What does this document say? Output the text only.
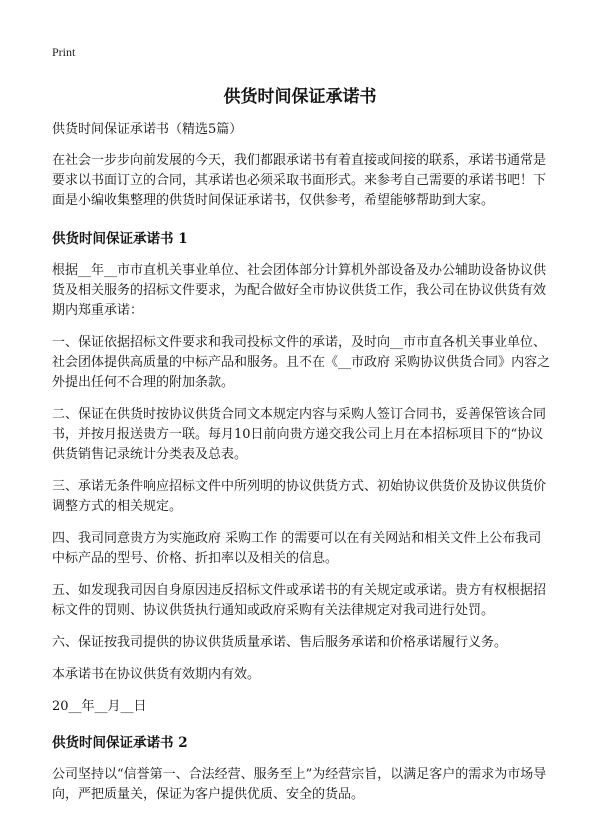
Print
供货时间保证承诺书

供货时间保证承诺书（精选5篇）

在社会一步步向前发展的今天，我们都跟承诺书有着直接或间接的联系，承诺书通常是要求以书面订立的合同，其承诺也必须采取书面形式。来参考自己需要的承诺书吧！下面是小编收集整理的供货时间保证承诺书，仅供参考，希望能够帮助到大家。

供货时间保证承诺书 1

根据__年__市市直机关事业单位、社会团体部分计算机外部设备及办公辅助设备协议供货及相关服务的招标文件要求，为配合做好全市协议供货工作，我公司在协议供货有效期内郑重承诺：

一、保证依据招标文件要求和我司投标文件的承诺，及时向__市市直各机关事业单位、社会团体提供高质量的中标产品和服务。且不在《__市政府 采购协议供货合同》内容之外提出任何不合理的附加条款。

二、保证在供货时按协议供货合同文本规定内容与采购人签订合同书，妥善保管该合同书，并按月报送贵方一联。每月10日前向贵方递交我公司上月在本招标项目下的“协议供货销售记录统计分类表及总表。

三、承诺无条件响应招标文件中所列明的协议供货方式、初始协议供货价及协议供货价调整方式的相关规定。

四、我司同意贵方为实施政府 采购工作 的需要可以在有关网站和相关文件上公布我司中标产品的型号、价格、折扣率以及相关的信息。

五、如发现我司因自身原因违反招标文件或承诺书的有关规定或承诺。贵方有权根据招标文件的罚则、协议供货执行通知或政府采购有关法律规定对我司进行处罚。

六、保证按我司提供的协议供货质量承诺、售后服务承诺和价格承诺履行义务。

本承诺书在协议供货有效期内有效。

20__年__月__日

供货时间保证承诺书 2

公司坚持以“信誉第一、合法经营、服务至上”为经营宗旨，以满足客户的需求为市场导向，严把质量关，保证为客户提供优质、安全的货品。
